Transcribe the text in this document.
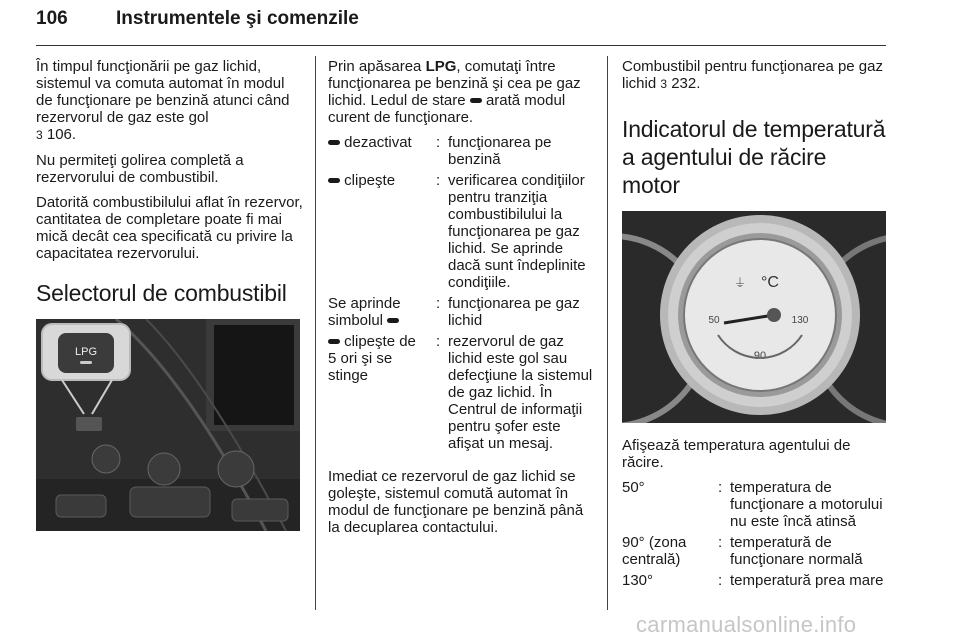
106	Instrumentele şi comenzile

În timpul funcţionării pe gaz lichid, sistemul va comuta automat în modul de funcţionare pe benzină atunci când rezervorul de gaz este gol
3 106.

Nu permiteţi golirea completă a rezervorului de combustibil.

Datorită combustibilului aflat în rezervor, cantitatea de completare poate fi mai mică decât cea specificată cu privire la capacitatea rezervorului.

Selectorul de combustibil
LPG

Prin apăsarea LPG, comutaţi între funcţionarea pe benzină şi cea pe gaz lichid. Ledul de stare arată modul curent de funcţionare.

dezactivat	:	funcţionarea pe benzină
clipeşte	:	verificarea condiţiilor pentru tranziţia combustibilului la funcţionarea pe gaz lichid. Se aprinde dacă sunt îndeplinite condiţiile.
Se aprinde simbolul	:	funcţionarea pe gaz lichid
clipeşte de
5 ori şi se stinge	:	rezervorul de gaz lichid este gol sau defecţiune la sistemul de gaz lichid. În Centrul de informaţii pentru şofer este afişat un mesaj.

Imediat ce rezervorul de gaz lichid se goleşte, sistemul comută automat în modul de funcţionare pe benzină până la decuplarea contactului.

Combustibil pentru funcţionarea pe gaz lichid 3 232.

Indicatorul de temperatură a agentului de răcire motor
⏚ °C
50
90
130

Afişează temperatura agentului de răcire.

50°	:	temperatura de funcţionare a motorului nu este încă atinsă
90° (zona centrală)	:	temperatură de funcţionare normală
130°	:	temperatură prea mare
carmanualsonline.info
